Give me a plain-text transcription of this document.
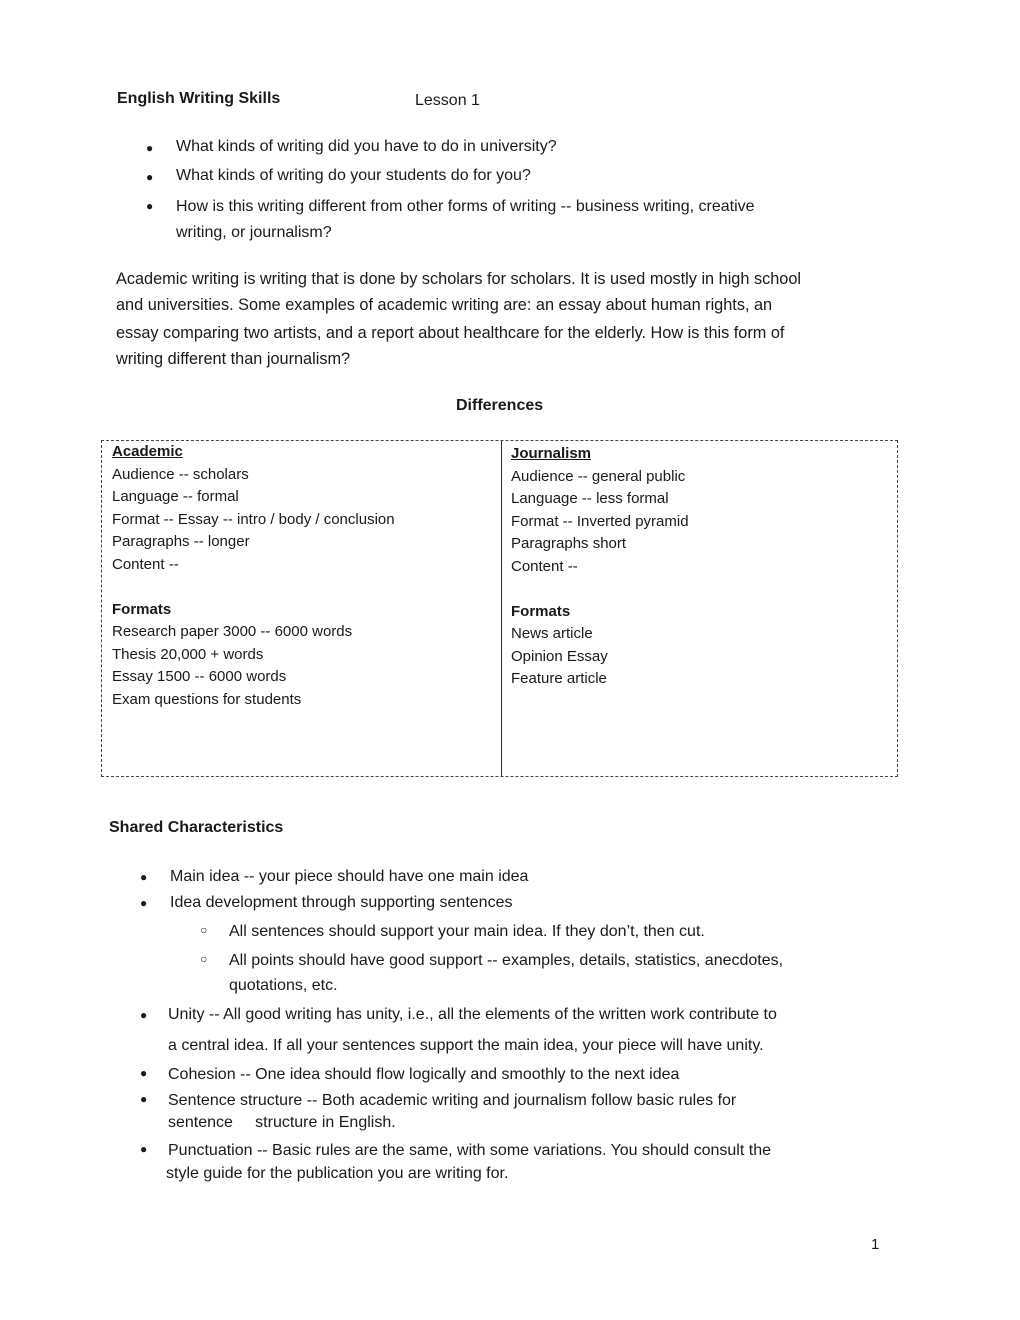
English Writing Skills	Lesson 1
● What kinds of writing did you have to do in university?
● What kinds of writing do your students do for you?
● How is this writing different from other forms of writing -- business writing, creative
writing, or journalism?
Academic writing is writing that is done by scholars for scholars. It is used mostly in high school
and universities. Some examples of academic writing are: an essay about human rights, an
essay comparing two artists, and a report about healthcare for the elderly. How is this form of
writing different than journalism?
Differences
Academic
Audience -- scholars
Language -- formal
Format -- Essay -- intro / body / conclusion
Paragraphs -- longer
Content --
Formats
Research paper 3000 -- 6000 words
Thesis 20,000 + words
Essay 1500 -- 6000 words
Exam questions for students
Journalism
Audience -- general public
Language -- less formal
Format -- Inverted pyramid
Paragraphs short
Content --
Formats
News article
Opinion Essay
Feature article
Shared Characteristics
● Main idea -- your piece should have one main idea
● Idea development through supporting sentences
○ All sentences should support your main idea. If they don’t, then cut.
○ All points should have good support -- examples, details, statistics, anecdotes,
quotations, etc.
● Unity -- All good writing has unity, i.e., all the elements of the written work contribute to
a central idea. If all your sentences support the main idea, your piece will have unity.
● Cohesion -- One idea should flow logically and smoothly to the next idea
● Sentence structure -- Both academic writing and journalism follow basic rules for
sentence     structure in English.
● Punctuation -- Basic rules are the same, with some variations. You should consult the
style guide for the publication you are writing for.
1
